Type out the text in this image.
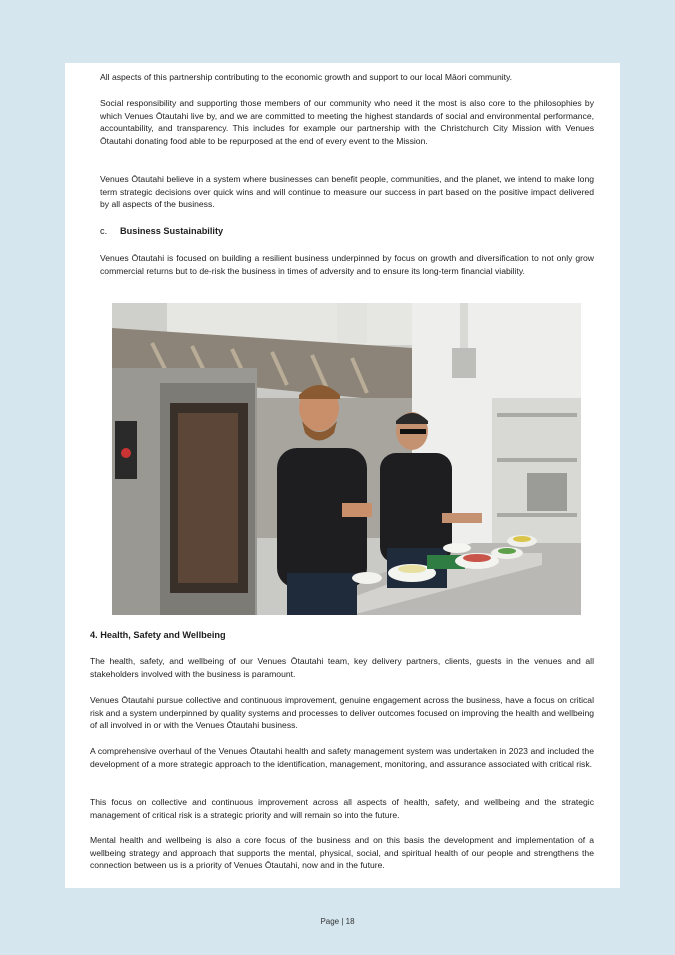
All aspects of this partnership contributing to the economic growth and support to our local Māori community.

Social responsibility and supporting those members of our community who need it the most is also core to the philosophies by which Venues Ōtautahi live by, and we are committed to meeting the highest standards of social and environmental performance, accountability, and transparency. This includes for example our partnership with the Christchurch City Mission with Venues Ōtautahi donating food able to be repurposed at the end of every event to the Mission.

Venues Ōtautahi believe in a system where businesses can benefit people, communities, and the planet, we intend to make long term strategic decisions over quick wins and will continue to measure our success in part based on the positive impact delivered by all aspects of the business.

c. Business Sustainability

Venues Ōtautahi is focused on building a resilient business underpinned by focus on growth and diversification to not only grow commercial returns but to de-risk the business in times of adversity and to ensure its long-term financial viability.

4. Health, Safety and Wellbeing

The health, safety, and wellbeing of our Venues Ōtautahi team, key delivery partners, clients, guests in the venues and all stakeholders involved with the business is paramount.

Venues Ōtautahi pursue collective and continuous improvement, genuine engagement across the business, have a focus on critical risk and a system underpinned by quality systems and processes to deliver outcomes focused on improving the health and wellbeing of all involved in or with the Venues Ōtautahi business.

A comprehensive overhaul of the Venues Ōtautahi health and safety management system was undertaken in 2023 and included the development of a more strategic approach to the identification, management, monitoring, and assurance associated with critical risk.

This focus on collective and continuous improvement across all aspects of health, safety, and wellbeing and the strategic management of critical risk is a strategic priority and will remain so into the future.

Mental health and wellbeing is also a core focus of the business and on this basis the development and implementation of a wellbeing strategy and approach that supports the mental, physical, social, and spiritual health of our people and strengthens the connection between us is a priority of Venues Ōtautahi, now and in the future.

Page | 18
